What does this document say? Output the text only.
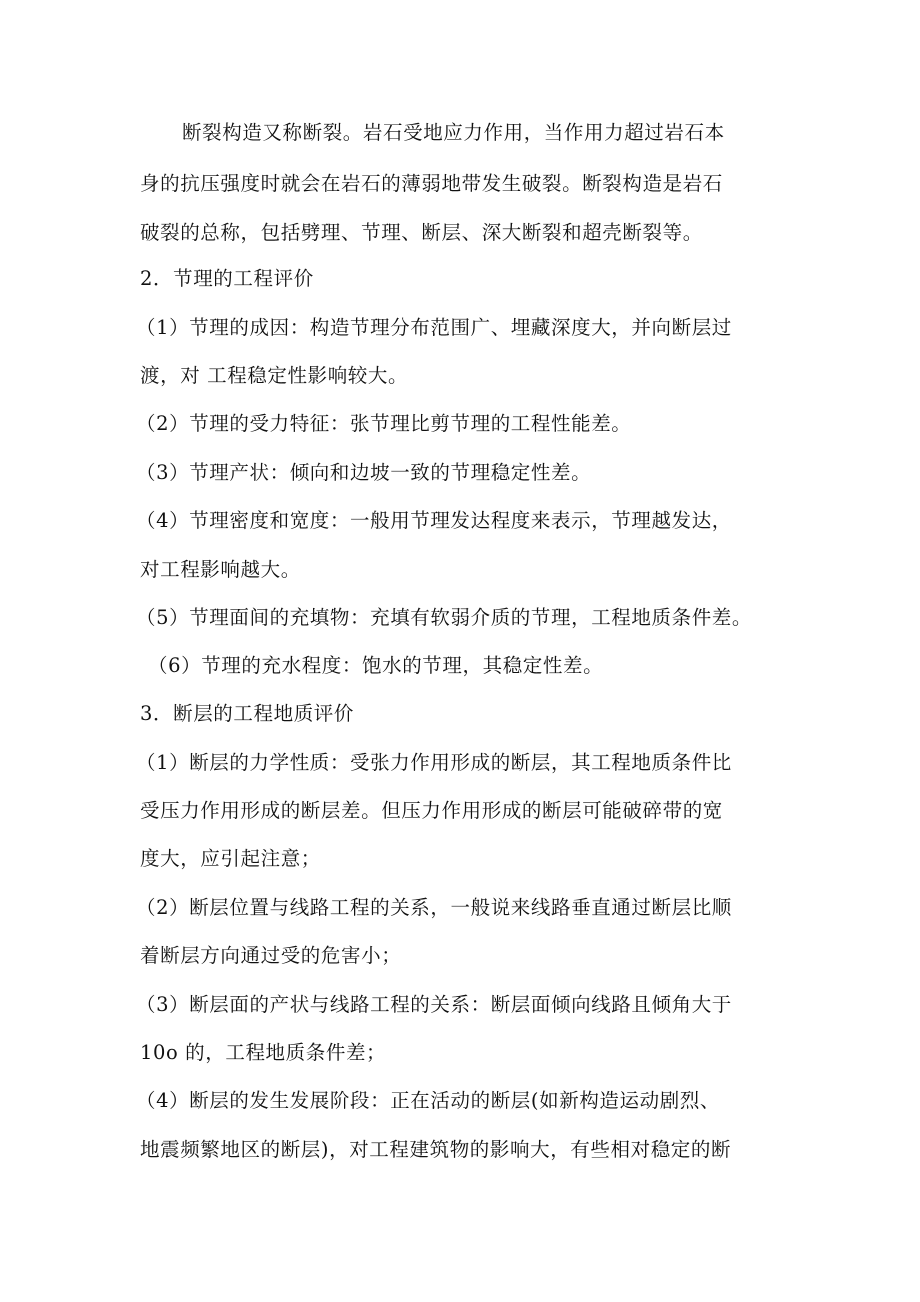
断裂构造又称断裂。岩石受地应力作用，当作用力超过岩石本
身的抗压强度时就会在岩石的薄弱地带发生破裂。断裂构造是岩石
破裂的总称，包括劈理、节理、断层、深大断裂和超壳断裂等。
2．节理的工程评价
（1）节理的成因：构造节理分布范围广、埋藏深度大，并向断层过
渡，对 工程稳定性影响较大。
（2）节理的受力特征：张节理比剪节理的工程性能差。
（3）节理产状：倾向和边坡一致的节理稳定性差。
（4）节理密度和宽度：一般用节理发达程度来表示，节理越发达，
对工程影响越大。
（5）节理面间的充填物：充填有软弱介质的节理，工程地质条件差。
（6）节理的充水程度：饱水的节理，其稳定性差。
3．断层的工程地质评价
（1）断层的力学性质：受张力作用形成的断层，其工程地质条件比
受压力作用形成的断层差。但压力作用形成的断层可能破碎带的宽
度大，应引起注意；
（2）断层位置与线路工程的关系，一般说来线路垂直通过断层比顺
着断层方向通过受的危害小；
（3）断层面的产状与线路工程的关系：断层面倾向线路且倾角大于
10o 的，工程地质条件差；
（4）断层的发生发展阶段：正在活动的断层(如新构造运动剧烈、
地震频繁地区的断层)，对工程建筑物的影响大，有些相对稳定的断
